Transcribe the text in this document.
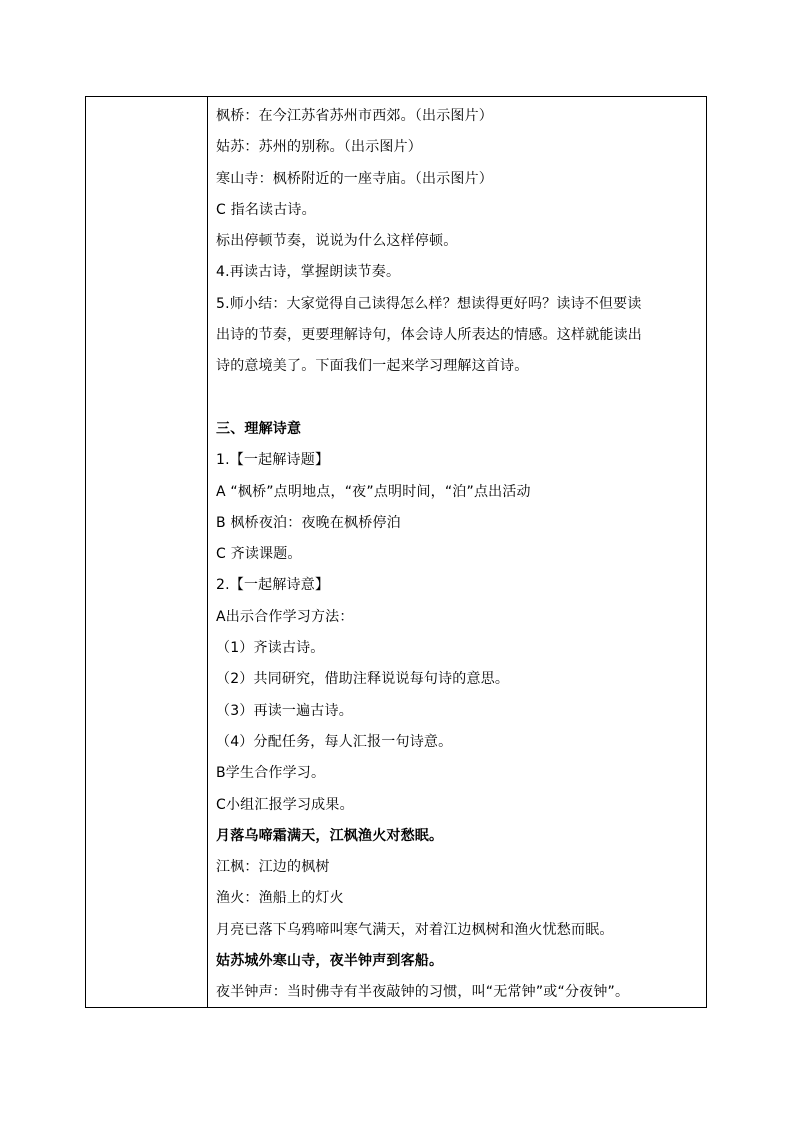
枫桥：在今江苏省苏州市西郊。（出示图片）
姑苏：苏州的别称。（出示图片）
寒山寺：枫桥附近的一座寺庙。（出示图片）
C 指名读古诗。
标出停顿节奏，说说为什么这样停顿。
4.再读古诗，掌握朗读节奏。
5.师小结：大家觉得自己读得怎么样？想读得更好吗？读诗不但要读
出诗的节奏，更要理解诗句，体会诗人所表达的情感。这样就能读出
诗的意境美了。下面我们一起来学习理解这首诗。
三、理解诗意
1.【一起解诗题】
A “枫桥”点明地点，“夜”点明时间，“泊”点出活动
B 枫桥夜泊：夜晚在枫桥停泊
C 齐读课题。
2.【一起解诗意】
A出示合作学习方法：
（1）齐读古诗。
（2）共同研究，借助注释说说每句诗的意思。
（3）再读一遍古诗。
（4）分配任务，每人汇报一句诗意。
B学生合作学习。
C小组汇报学习成果。
月落乌啼霜满天，江枫渔火对愁眠。
江枫：江边的枫树
渔火：渔船上的灯火
月亮已落下乌鸦啼叫寒气满天，对着江边枫树和渔火忧愁而眠。
姑苏城外寒山寺，夜半钟声到客船。
夜半钟声：当时佛寺有半夜敲钟的习惯，叫“无常钟”或“分夜钟”。
